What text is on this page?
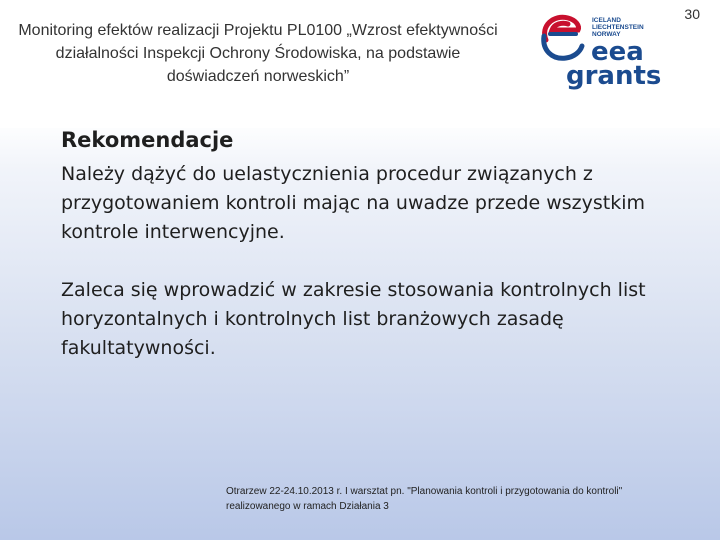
Monitoring efektów realizacji Projektu PL0100 „Wzrost efektywności działalności Inspekcji Ochrony Środowiska, na podstawie doświadczeń norweskich”
ICELAND
LIECHTENSTEIN
NORWAY
eea
grants
30
Rekomendacje

Należy dążyć do uelastycznienia procedur związanych z przygotowaniem kontroli mając na uwadze przede wszystkim kontrole interwencyjne.

Zaleca się wprowadzić w zakresie stosowania kontrolnych list horyzontalnych i kontrolnych list branżowych zasadę fakultatywności.

Otrarzew 22-24.10.2013 r. I warsztat pn. "Planowania kontroli i przygotowania do kontroli"
realizowanego w ramach Działania 3
